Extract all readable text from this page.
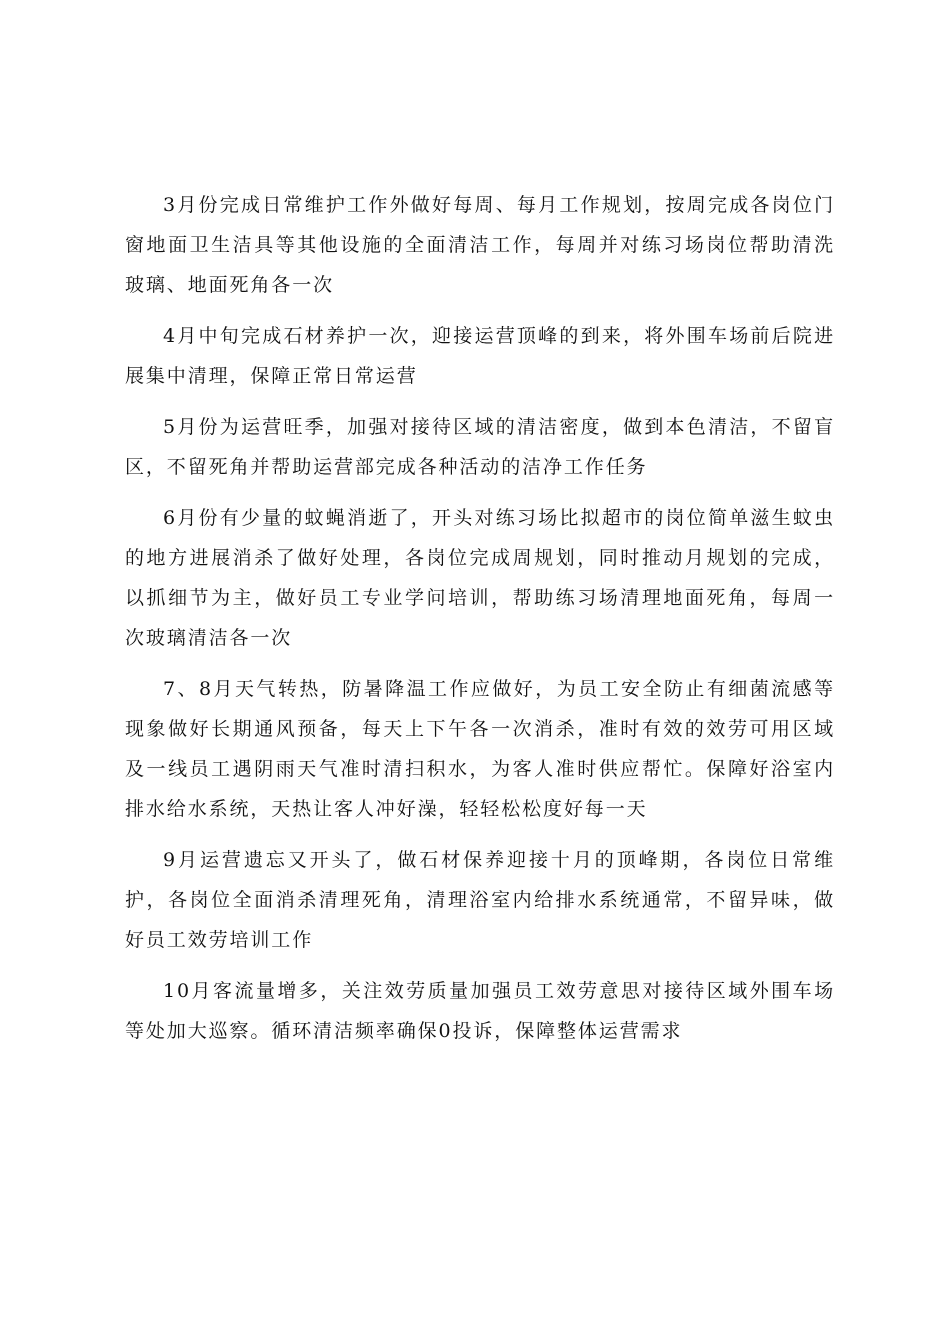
3月份完成日常维护工作外做好每周、每月工作规划，按周完成各岗位门窗地面卫生洁具等其他设施的全面清洁工作，每周并对练习场岗位帮助清洗玻璃、地面死角各一次

4月中旬完成石材养护一次，迎接运营顶峰的到来，将外围车场前后院进展集中清理，保障正常日常运营

5月份为运营旺季，加强对接待区域的清洁密度，做到本色清洁，不留盲区，不留死角并帮助运营部完成各种活动的洁净工作任务

6月份有少量的蚊蝇消逝了，开头对练习场比拟超市的岗位简单滋生蚊虫的地方进展消杀了做好处理，各岗位完成周规划，同时推动月规划的完成，以抓细节为主，做好员工专业学问培训，帮助练习场清理地面死角，每周一次玻璃清洁各一次

7、8月天气转热，防暑降温工作应做好，为员工安全防止有细菌流感等现象做好长期通风预备，每天上下午各一次消杀，准时有效的效劳可用区域及一线员工遇阴雨天气准时清扫积水，为客人准时供应帮忙。保障好浴室内排水给水系统，天热让客人冲好澡，轻轻松松度好每一天

9月运营遗忘又开头了，做石材保养迎接十月的顶峰期，各岗位日常维护，各岗位全面消杀清理死角，清理浴室内给排水系统通常，不留异味，做好员工效劳培训工作

10月客流量增多，关注效劳质量加强员工效劳意思对接待区域外围车场等处加大巡察。循环清洁频率确保0投诉，保障整体运营需求
